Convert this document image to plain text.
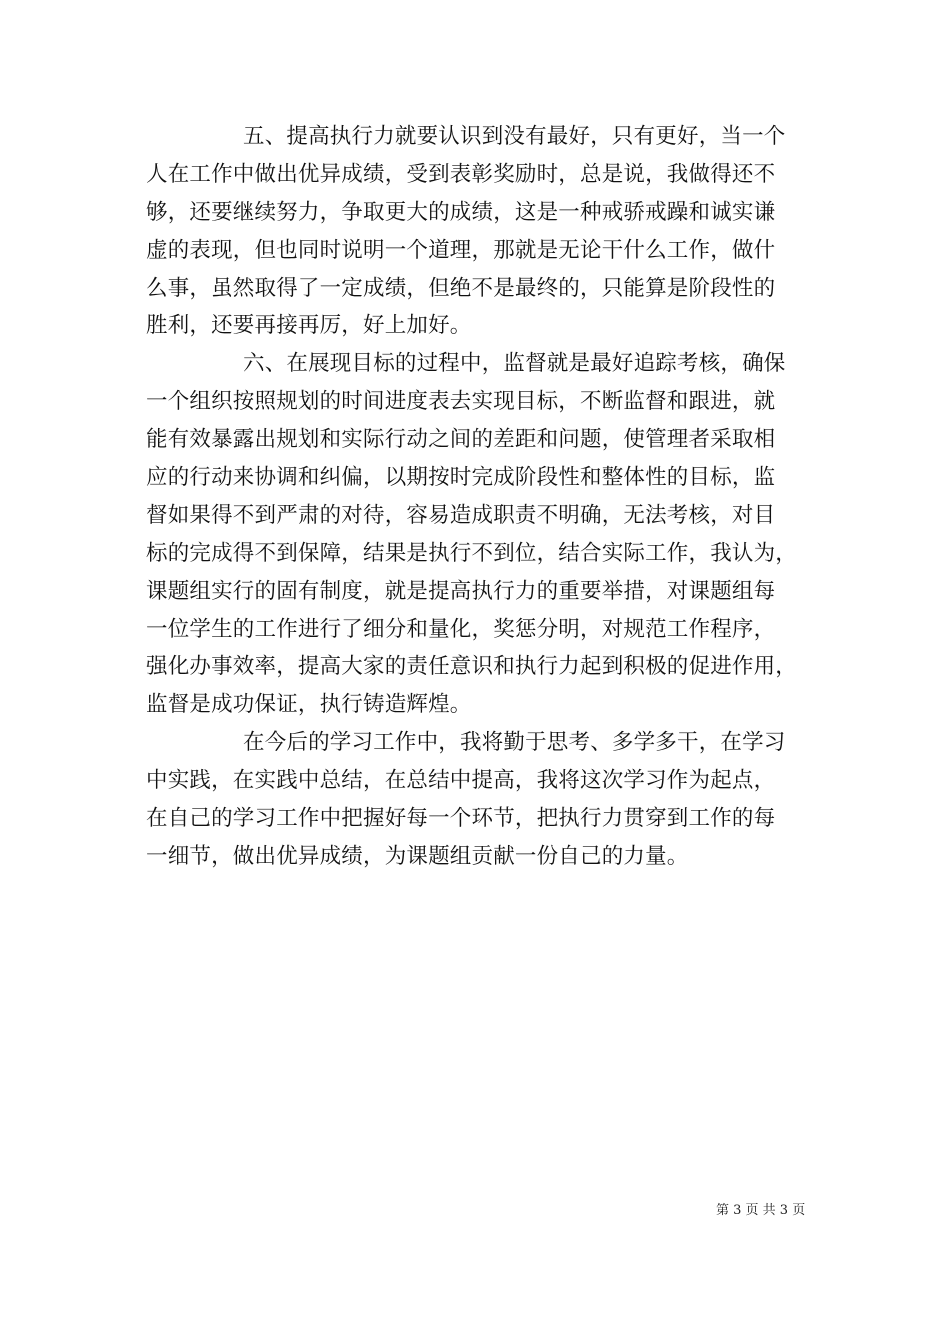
五、提高执行力就要认识到没有最好，只有更好，当一个
人在工作中做出优异成绩，受到表彰奖励时，总是说，我做得还不
够，还要继续努力，争取更大的成绩，这是一种戒骄戒躁和诚实谦
虚的表现，但也同时说明一个道理，那就是无论干什么工作，做什
么事，虽然取得了一定成绩，但绝不是最终的，只能算是阶段性的
胜利，还要再接再厉，好上加好。
六、在展现目标的过程中，监督就是最好追踪考核，确保
一个组织按照规划的时间进度表去实现目标，不断监督和跟进，就
能有效暴露出规划和实际行动之间的差距和问题，使管理者采取相
应的行动来协调和纠偏，以期按时完成阶段性和整体性的目标，监
督如果得不到严肃的对待，容易造成职责不明确，无法考核，对目
标的完成得不到保障，结果是执行不到位，结合实际工作，我认为，
课题组实行的固有制度，就是提高执行力的重要举措，对课题组每
一位学生的工作进行了细分和量化，奖惩分明，对规范工作程序，
强化办事效率，提高大家的责任意识和执行力起到积极的促进作用，
监督是成功保证，执行铸造辉煌。
在今后的学习工作中，我将勤于思考、多学多干，在学习
中实践，在实践中总结，在总结中提高，我将这次学习作为起点，
在自己的学习工作中把握好每一个环节，把执行力贯穿到工作的每
一细节，做出优异成绩，为课题组贡献一份自己的力量。
第 3 页 共 3 页
